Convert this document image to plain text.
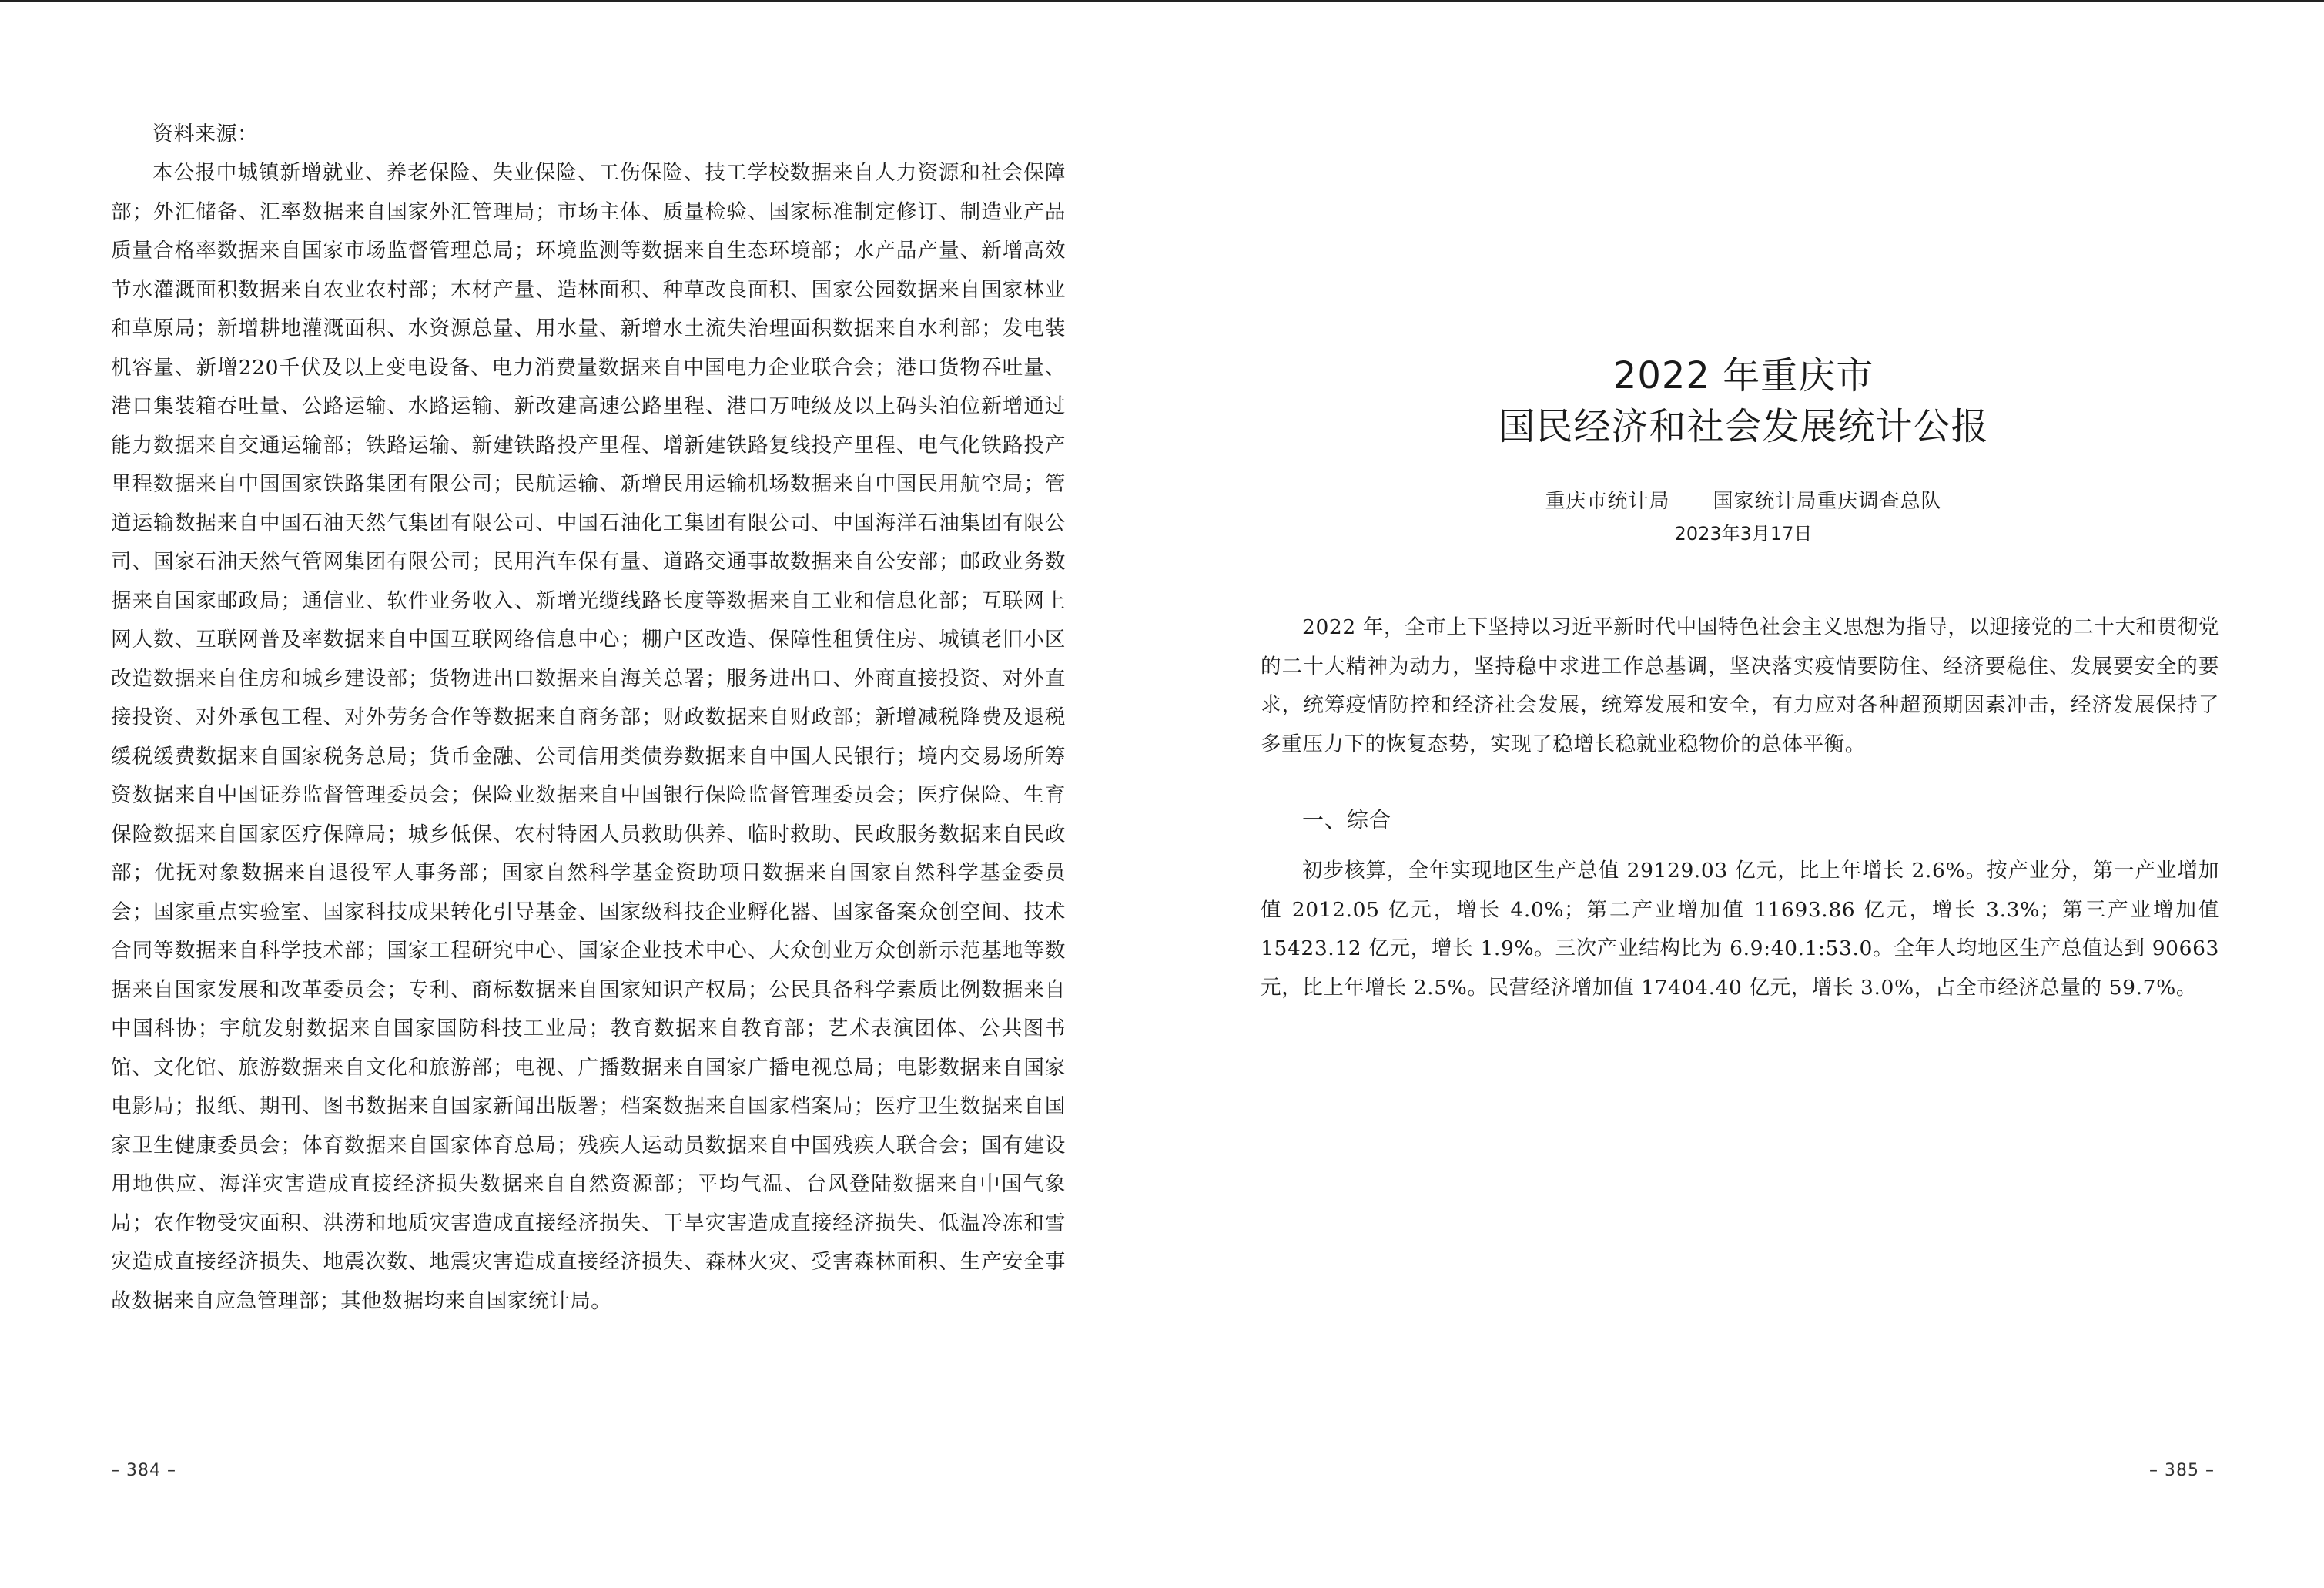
资料来源：

本公报中城镇新增就业、养老保险、失业保险、工伤保险、技工学校数据来自人力资源和社会保障部；外汇储备、汇率数据来自国家外汇管理局；市场主体、质量检验、国家标准制定修订、制造业产品质量合格率数据来自国家市场监督管理总局；环境监测等数据来自生态环境部；水产品产量、新增高效节水灌溉面积数据来自农业农村部；木材产量、造林面积、种草改良面积、国家公园数据来自国家林业和草原局；新增耕地灌溉面积、水资源总量、用水量、新增水土流失治理面积数据来自水利部；发电装机容量、新增220千伏及以上变电设备、电力消费量数据来自中国电力企业联合会；港口货物吞吐量、港口集装箱吞吐量、公路运输、水路运输、新改建高速公路里程、港口万吨级及以上码头泊位新增通过能力数据来自交通运输部；铁路运输、新建铁路投产里程、增新建铁路复线投产里程、电气化铁路投产里程数据来自中国国家铁路集团有限公司；民航运输、新增民用运输机场数据来自中国民用航空局；管道运输数据来自中国石油天然气集团有限公司、中国石油化工集团有限公司、中国海洋石油集团有限公司、国家石油天然气管网集团有限公司；民用汽车保有量、道路交通事故数据来自公安部；邮政业务数据来自国家邮政局；通信业、软件业务收入、新增光缆线路长度等数据来自工业和信息化部；互联网上网人数、互联网普及率数据来自中国互联网络信息中心；棚户区改造、保障性租赁住房、城镇老旧小区改造数据来自住房和城乡建设部；货物进出口数据来自海关总署；服务进出口、外商直接投资、对外直接投资、对外承包工程、对外劳务合作等数据来自商务部；财政数据来自财政部；新增减税降费及退税缓税缓费数据来自国家税务总局；货币金融、公司信用类债券数据来自中国人民银行；境内交易场所筹资数据来自中国证券监督管理委员会；保险业数据来自中国银行保险监督管理委员会；医疗保险、生育保险数据来自国家医疗保障局；城乡低保、农村特困人员救助供养、临时救助、民政服务数据来自民政部；优抚对象数据来自退役军人事务部；国家自然科学基金资助项目数据来自国家自然科学基金委员会；国家重点实验室、国家科技成果转化引导基金、国家级科技企业孵化器、国家备案众创空间、技术合同等数据来自科学技术部；国家工程研究中心、国家企业技术中心、大众创业万众创新示范基地等数据来自国家发展和改革委员会；专利、商标数据来自国家知识产权局；公民具备科学素质比例数据来自中国科协；宇航发射数据来自国家国防科技工业局；教育数据来自教育部；艺术表演团体、公共图书馆、文化馆、旅游数据来自文化和旅游部；电视、广播数据来自国家广播电视总局；电影数据来自国家电影局；报纸、期刊、图书数据来自国家新闻出版署；档案数据来自国家档案局；医疗卫生数据来自国家卫生健康委员会；体育数据来自国家体育总局；残疾人运动员数据来自中国残疾人联合会；国有建设用地供应、海洋灾害造成直接经济损失数据来自自然资源部；平均气温、台风登陆数据来自中国气象局；农作物受灾面积、洪涝和地质灾害造成直接经济损失、干旱灾害造成直接经济损失、低温冷冻和雪灾造成直接经济损失、地震次数、地震灾害造成直接经济损失、森林火灾、受害森林面积、生产安全事故数据来自应急管理部；其他数据均来自国家统计局。

– 384 –

2022 年重庆市

国民经济和社会发展统计公报

重庆市统计局 国家统计局重庆调查总队
2023年3月17日

2022 年，全市上下坚持以习近平新时代中国特色社会主义思想为指导，以迎接党的二十大和贯彻党的二十大精神为动力，坚持稳中求进工作总基调，坚决落实疫情要防住、经济要稳住、发展要安全的要求，统筹疫情防控和经济社会发展，统筹发展和安全，有力应对各种超预期因素冲击，经济发展保持了多重压力下的恢复态势，实现了稳增长稳就业稳物价的总体平衡。

一、综合

初步核算，全年实现地区生产总值 29129.03 亿元，比上年增长 2.6%。按产业分，第一产业增加值 2012.05 亿元，增长 4.0%；第二产业增加值 11693.86 亿元，增长 3.3%；第三产业增加值 15423.12 亿元，增长 1.9%。三次产业结构比为 6.9:40.1:53.0。全年人均地区生产总值达到 90663 元，比上年增长 2.5%。民营经济增加值 17404.40 亿元，增长 3.0%，占全市经济总量的 59.7%。

– 385 –
